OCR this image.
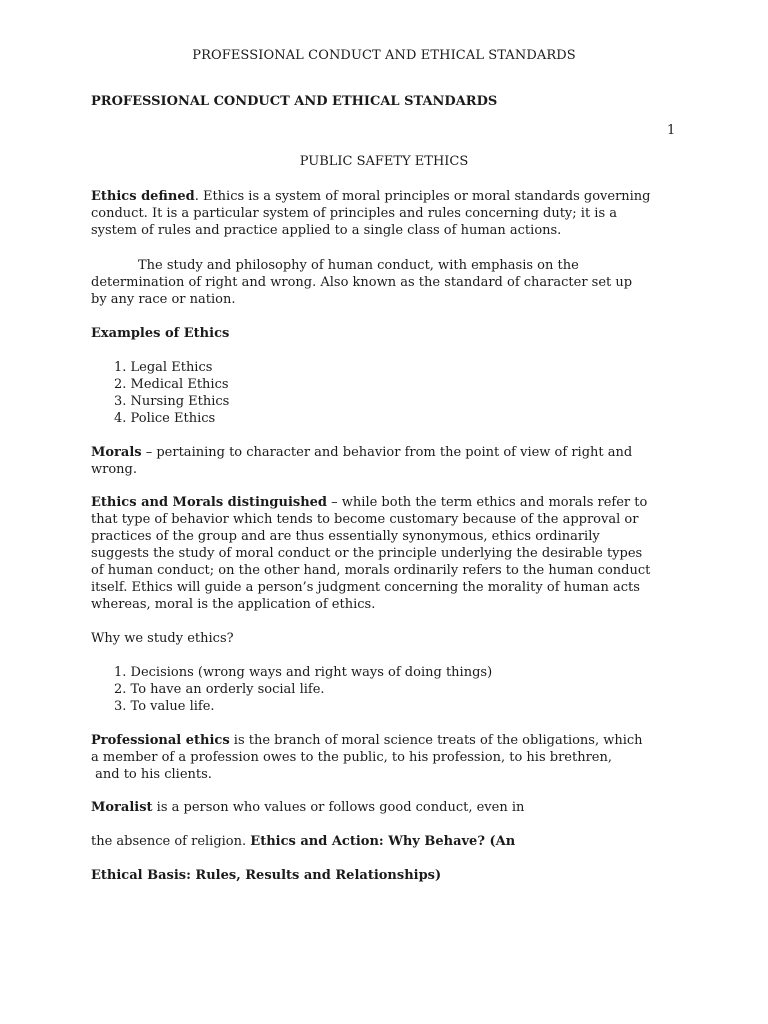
PROFESSIONAL CONDUCT AND ETHICAL STANDARDS
PROFESSIONAL CONDUCT AND ETHICAL STANDARDS
1
PUBLIC SAFETY ETHICS
Ethics defined. Ethics is a system of moral principles or moral standards governing
conduct. It is a particular system of principles and rules concerning duty; it is a
system of rules and practice applied to a single class of human actions.
The study and philosophy of human conduct, with emphasis on the
determination of right and wrong. Also known as the standard of character set up
by any race or nation.
Examples of Ethics
1. Legal Ethics
2. Medical Ethics
3. Nursing Ethics
4. Police Ethics
Morals – pertaining to character and behavior from the point of view of right and
wrong.
Ethics and Morals distinguished – while both the term ethics and morals refer to
that type of behavior which tends to become customary because of the approval or
practices of the group and are thus essentially synonymous, ethics ordinarily
suggests the study of moral conduct or the principle underlying the desirable types
of human conduct; on the other hand, morals ordinarily refers to the human conduct
itself. Ethics will guide a person’s judgment concerning the morality of human acts
whereas, moral is the application of ethics.
Why we study ethics?
1. Decisions (wrong ways and right ways of doing things)
2. To have an orderly social life.
3. To value life.
Professional ethics is the branch of moral science treats of the obligations, which
a member of a profession owes to the public, to his profession, to his brethren,
and to his clients.
Moralist is a person who values or follows good conduct, even in
the absence of religion. Ethics and Action: Why Behave? (An
Ethical Basis: Rules, Results and Relationships)
